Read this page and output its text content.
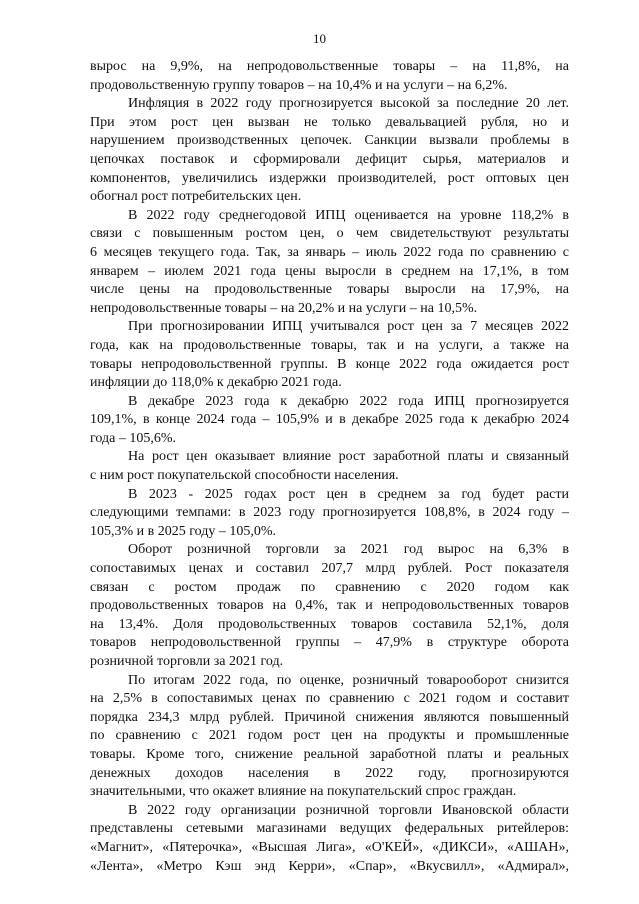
10

вырос на 9,9%, на непродовольственные товары – на 11,8%, на
продовольственную группу товаров – на 10,4% и на услуги – на 6,2%.

Инфляция в 2022 году прогнозируется высокой за последние 20 лет.
При этом рост цен вызван не только девальвацией рубля, но и
нарушением производственных цепочек. Санкции вызвали проблемы в
цепочках поставок и сформировали дефицит сырья, материалов и
компонентов, увеличились издержки производителей, рост оптовых цен
обогнал рост потребительских цен.

В 2022 году среднегодовой ИПЦ оценивается на уровне 118,2% в
связи с повышенным ростом цен, о чем свидетельствуют результаты
6 месяцев текущего года. Так, за январь – июль 2022 года по сравнению с
январем – июлем 2021 года цены выросли в среднем на 17,1%, в том
числе цены на продовольственные товары выросли на 17,9%, на
непродовольственные товары – на 20,2% и на услуги – на 10,5%.

При прогнозировании ИПЦ учитывался рост цен за 7 месяцев 2022
года, как на продовольственные товары, так и на услуги, а также на
товары непродовольственной группы. В конце 2022 года ожидается рост
инфляции до 118,0% к декабрю 2021 года.

В декабре 2023 года к декабрю 2022 года ИПЦ прогнозируется
109,1%, в конце 2024 года – 105,9% и в декабре 2025 года к декабрю 2024
года – 105,6%.

На рост цен оказывает влияние рост заработной платы и связанный
с ним рост покупательской способности населения.

В 2023 - 2025 годах рост цен в среднем за год будет расти
следующими темпами: в 2023 году прогнозируется 108,8%, в 2024 году –
105,3% и в 2025 году – 105,0%.

Оборот розничной торговли за 2021 год вырос на 6,3% в
сопоставимых ценах и составил 207,7 млрд рублей. Рост показателя
связан с ростом продаж по сравнению с 2020 годом как
продовольственных товаров на 0,4%, так и непродовольственных товаров
на 13,4%. Доля продовольственных товаров составила 52,1%, доля
товаров непродовольственной группы – 47,9% в структуре оборота
розничной торговли за 2021 год.

По итогам 2022 года, по оценке, розничный товарооборот снизится
на 2,5% в сопоставимых ценах по сравнению с 2021 годом и составит
порядка 234,3 млрд рублей. Причиной снижения являются повышенный
по сравнению с 2021 годом рост цен на продукты и промышленные
товары. Кроме того, снижение реальной заработной платы и реальных
денежных доходов населения в 2022 году, прогнозируются
значительными, что окажет влияние на покупательский спрос граждан.

В 2022 году организации розничной торговли Ивановской области
представлены сетевыми магазинами ведущих федеральных ритейлеров:
«Магнит», «Пятерочка», «Высшая Лига», «О'КЕЙ», «ДИКСИ», «АШАН»,
«Лента», «Метро Кэш энд Керри», «Спар», «Вкусвилл», «Адмирал»,
